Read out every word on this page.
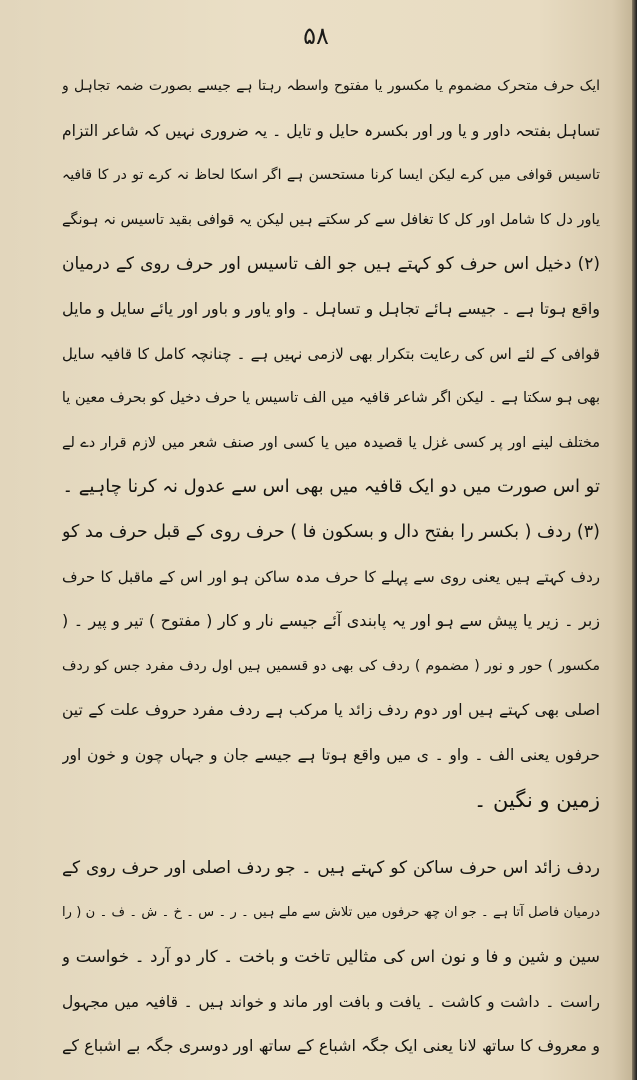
۵۸
ایک حرف متحرک مضموم یا مکسور یا مفتوح واسطہ رہتا ہے جیسے بصورت ضمہ تجاہل و
تساہل بفتحہ داور و یا ور اور بکسرہ حایل و تایل ۔ یہ ضروری نہیں کہ شاعر التزام
تاسیس قوافی میں کرے لیکن ایسا کرنا مستحسن ہے اگر اسکا لحاظ نہ کرے تو در کا قافیہ
یاور دل کا شامل اور کل کا تغافل سے کر سکتے ہیں لیکن یہ قوافی بقید تاسیس نہ ہونگے
(۲) دخیل اس حرف کو کہتے ہیں جو الف تاسیس اور حرف روی کے درمیان
واقع ہوتا ہے ۔ جیسے ہائے تجاہل و تساہل ۔ واو یاور و باور اور یائے سایل و مایل
قوافی کے لئے اس کی رعایت بتکرار بھی لازمی نہیں ہے ۔ چنانچہ کامل کا قافیہ سایل
بھی ہو سکتا ہے ۔ لیکن اگر شاعر قافیہ میں الف تاسیس یا حرف دخیل کو بحرف معین یا
مختلف لینے اور پر کسی غزل یا قصیدہ میں یا کسی اور صنف شعر میں لازم قرار دے لے
تو اس صورت میں دو ایک قافیہ میں بھی اس سے عدول نہ کرنا چاہیے ۔
(۳) ردف ( بکسر را بفتح دال و بسکون فا ) حرف روی کے قبل حرف مد کو
ردف کہتے ہیں یعنی روی سے پہلے کا حرف مدہ ساکن ہو اور اس کے ماقبل کا حرف
زبر ۔ زیر یا پیش سے ہو اور یہ پابندی آئے جیسے نار و کار ( مفتوح ) تیر و پیر ۔ (
مکسور ) حور و نور ( مضموم ) ردف کی بھی دو قسمیں ہیں اول ردف مفرد جس کو ردف
اصلی بھی کہتے ہیں اور دوم ردف زائد یا مرکب ہے ردف مفرد حروف علت کے تین
حرفوں یعنی الف ۔ واو ۔ ی میں واقع ہوتا ہے جیسے جان و جہاں چون و خون اور
زمین و نگین ۔
ردف زائد اس حرف ساکن کو کہتے ہیں ۔ جو ردف اصلی اور حرف روی کے
درمیان فاصل آتا ہے ۔ جو ان چھ حرفوں میں تلاش سے ملے ہیں ۔ ر ۔ س ۔ خ ۔ ش ۔ ف ۔ ن ( را
سین و شین و فا و نون اس کی مثالیں تاخت و باخت ۔ کار دو آرد ۔ خواست و
راست ۔ داشت و کاشت ۔ یافت و بافت اور ماند و خواند ہیں ۔ قافیہ میں مجہول
و معروف کا ساتھ لانا یعنی ایک جگہ اشباع کے ساتھ اور دوسری جگہ بے اشباع کے
